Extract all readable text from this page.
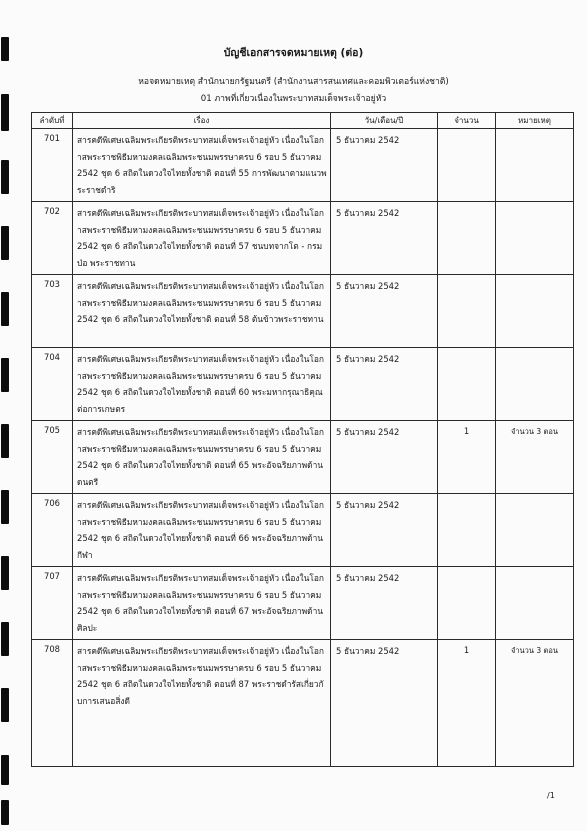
บัญชีเอกสารจดหมายเหตุ (ต่อ)
หอจดหมายเหตุ สำนักนายกรัฐมนตรี (สำนักงานสารสนเทศและคอมพิวเตอร์แห่งชาติ)
01 ภาพที่เกี่ยวเนื่องในพระบาทสมเด็จพระเจ้าอยู่หัว
ลำดับที่	เรื่อง	วัน/เดือน/ปี	จำนวน	หมายเหตุ
701	สารคดีพิเศษเฉลิมพระเกียรติพระบาทสมเด็จพระเจ้าอยู่หัว เนื่องในโอกาสพระราชพิธีมหามงคลเฉลิมพระชนมพรรษาครบ 6 รอบ 5 ธันวาคม 2542 ชุด 6 สถิตในดวงใจไทยทั้งชาติ ตอนที่ 55 การพัฒนาตามแนวพระราชดำริ	5 ธันวาคม 2542		
702	สารคดีพิเศษเฉลิมพระเกียรติพระบาทสมเด็จพระเจ้าอยู่หัว เนื่องในโอกาสพระราชพิธีมหามงคลเฉลิมพระชนมพรรษาครบ 6 รอบ 5 ธันวาคม 2542 ชุด 6 สถิตในดวงใจไทยทั้งชาติ ตอนที่ 57 ชนบทจากโต - กรมป่อ พระราชทาน	5 ธันวาคม 2542		
703	สารคดีพิเศษเฉลิมพระเกียรติพระบาทสมเด็จพระเจ้าอยู่หัว เนื่องในโอกาสพระราชพิธีมหามงคลเฉลิมพระชนมพรรษาครบ 6 รอบ 5 ธันวาคม 2542 ชุด 6 สถิตในดวงใจไทยทั้งชาติ ตอนที่ 58 ต้นข้าวพระราชทาน	5 ธันวาคม 2542		
704	สารคดีพิเศษเฉลิมพระเกียรติพระบาทสมเด็จพระเจ้าอยู่หัว เนื่องในโอกาสพระราชพิธีมหามงคลเฉลิมพระชนมพรรษาครบ 6 รอบ 5 ธันวาคม 2542 ชุด 6 สถิตในดวงใจไทยทั้งชาติ ตอนที่ 60 พระมหากรุณาธิคุณต่อการเกษตร	5 ธันวาคม 2542		
705	สารคดีพิเศษเฉลิมพระเกียรติพระบาทสมเด็จพระเจ้าอยู่หัว เนื่องในโอกาสพระราชพิธีมหามงคลเฉลิมพระชนมพรรษาครบ 6 รอบ 5 ธันวาคม 2542 ชุด 6 สถิตในดวงใจไทยทั้งชาติ ตอนที่ 65 พระอัจฉริยภาพด้านดนตรี	5 ธันวาคม 2542	1	จำนวน 3 ตอน
706	สารคดีพิเศษเฉลิมพระเกียรติพระบาทสมเด็จพระเจ้าอยู่หัว เนื่องในโอกาสพระราชพิธีมหามงคลเฉลิมพระชนมพรรษาครบ 6 รอบ 5 ธันวาคม 2542 ชุด 6 สถิตในดวงใจไทยทั้งชาติ ตอนที่ 66 พระอัจฉริยภาพด้านกีฬา	5 ธันวาคม 2542		
707	สารคดีพิเศษเฉลิมพระเกียรติพระบาทสมเด็จพระเจ้าอยู่หัว เนื่องในโอกาสพระราชพิธีมหามงคลเฉลิมพระชนมพรรษาครบ 6 รอบ 5 ธันวาคม 2542 ชุด 6 สถิตในดวงใจไทยทั้งชาติ ตอนที่ 67 พระอัจฉริยภาพด้านศิลปะ	5 ธันวาคม 2542		
708	สารคดีพิเศษเฉลิมพระเกียรติพระบาทสมเด็จพระเจ้าอยู่หัว เนื่องในโอกาสพระราชพิธีมหามงคลเฉลิมพระชนมพรรษาครบ 6 รอบ 5 ธันวาคม 2542 ชุด 6 สถิตในดวงใจไทยทั้งชาติ ตอนที่ 87 พระราชดำรัสเกี่ยวกับการเสนอสิ่งดี	5 ธันวาคม 2542	1	จำนวน 3 ตอน
/1
